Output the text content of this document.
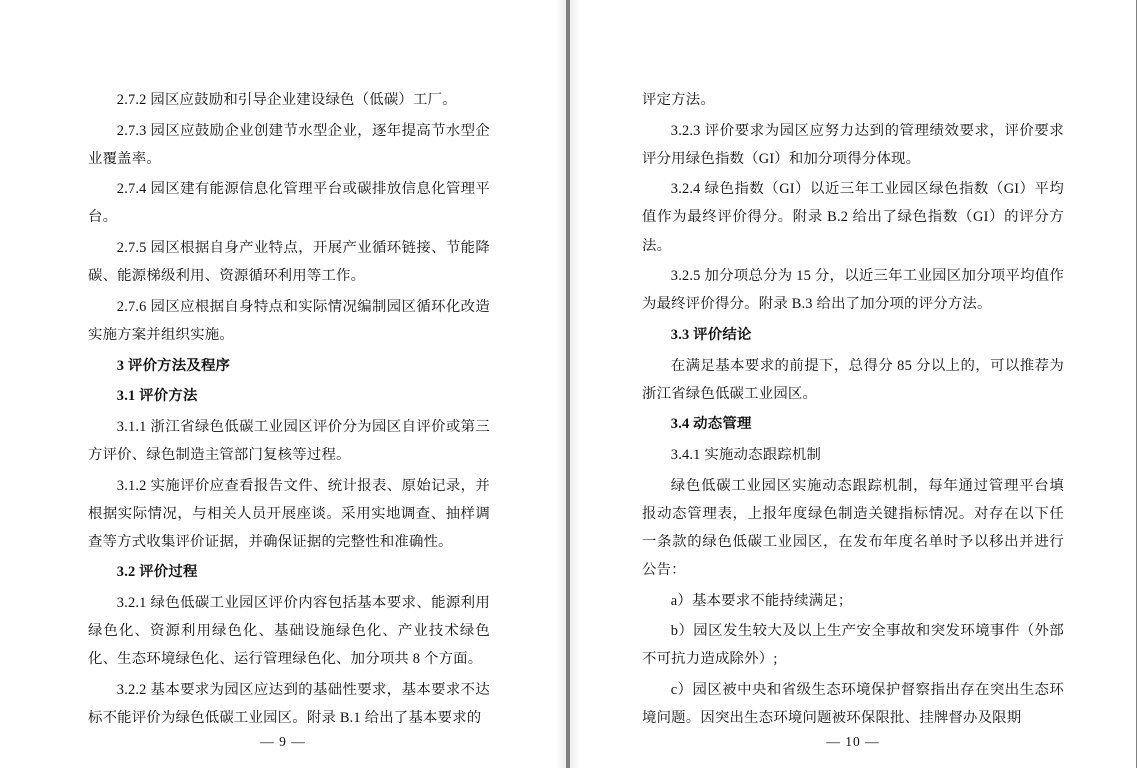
2.7.2 园区应鼓励和引导企业建设绿色（低碳）工厂。

2.7.3 园区应鼓励企业创建节水型企业，逐年提高节水型企业覆盖率。

2.7.4 园区建有能源信息化管理平台或碳排放信息化管理平台。

2.7.5 园区根据自身产业特点，开展产业循环链接、节能降碳、能源梯级利用、资源循环利用等工作。

2.7.6 园区应根据自身特点和实际情况编制园区循环化改造实施方案并组织实施。

3 评价方法及程序

3.1 评价方法

3.1.1 浙江省绿色低碳工业园区评价分为园区自评价或第三方评价、绿色制造主管部门复核等过程。

3.1.2 实施评价应查看报告文件、统计报表、原始记录，并根据实际情况，与相关人员开展座谈。采用实地调查、抽样调查等方式收集评价证据，并确保证据的完整性和准确性。

3.2 评价过程

3.2.1 绿色低碳工业园区评价内容包括基本要求、能源利用绿色化、资源利用绿色化、基础设施绿色化、产业技术绿色化、生态环境绿色化、运行管理绿色化、加分项共 8 个方面。

3.2.2 基本要求为园区应达到的基础性要求，基本要求不达标不能评价为绿色低碳工业园区。附录 B.1 给出了基本要求的

— 9 —

评定方法。

3.2.3 评价要求为园区应努力达到的管理绩效要求，评价要求评分用绿色指数（GI）和加分项得分体现。

3.2.4 绿色指数（GI）以近三年工业园区绿色指数（GI）平均值作为最终评价得分。附录 B.2 给出了绿色指数（GI）的评分方法。

3.2.5 加分项总分为 15 分，以近三年工业园区加分项平均值作为最终评价得分。附录 B.3 给出了加分项的评分方法。

3.3 评价结论

在满足基本要求的前提下，总得分 85 分以上的，可以推荐为浙江省绿色低碳工业园区。

3.4 动态管理

3.4.1 实施动态跟踪机制

绿色低碳工业园区实施动态跟踪机制，每年通过管理平台填报动态管理表，上报年度绿色制造关键指标情况。对存在以下任一条款的绿色低碳工业园区，在发布年度名单时予以移出并进行公告：

a）基本要求不能持续满足；

b）园区发生较大及以上生产安全事故和突发环境事件（外部不可抗力造成除外）;

c）园区被中央和省级生态环境保护督察指出存在突出生态环境问题。因突出生态环境问题被环保限批、挂牌督办及限期

— 10 —
